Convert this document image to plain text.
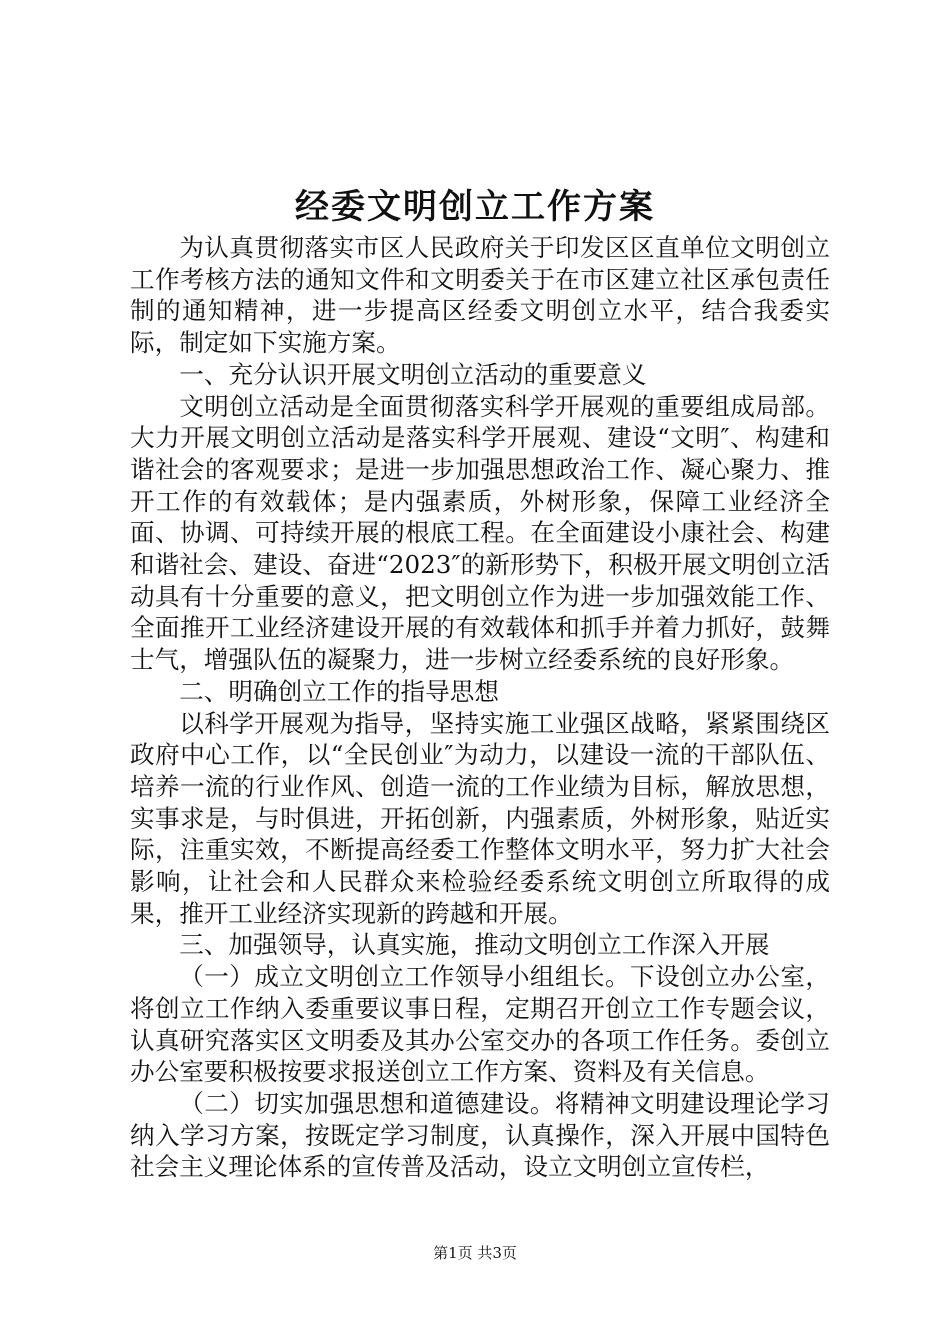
经委文明创立工作方案

为认真贯彻落实市区人民政府关于印发区区直单位文明创立工作考核方法的通知文件和文明委关于在市区建立社区承包责任制的通知精神，进一步提高区经委文明创立水平，结合我委实际，制定如下实施方案。

一、充分认识开展文明创立活动的重要意义

文明创立活动是全面贯彻落实科学开展观的重要组成局部。大力开展文明创立活动是落实科学开展观、建设“文明″、构建和谐社会的客观要求；是进一步加强思想政治工作、凝心聚力、推开工作的有效载体；是内强素质，外树形象，保障工业经济全面、协调、可持续开展的根底工程。在全面建设小康社会、构建和谐社会、建设、奋进“2023″的新形势下，积极开展文明创立活动具有十分重要的意义，把文明创立作为进一步加强效能工作、全面推开工业经济建设开展的有效载体和抓手并着力抓好，鼓舞士气，增强队伍的凝聚力，进一步树立经委系统的良好形象。

二、明确创立工作的指导思想

以科学开展观为指导，坚持实施工业强区战略，紧紧围绕区政府中心工作，以“全民创业″为动力，以建设一流的干部队伍、培养一流的行业作风、创造一流的工作业绩为目标，解放思想，实事求是，与时俱进，开拓创新，内强素质，外树形象，贴近实际，注重实效，不断提高经委工作整体文明水平，努力扩大社会影响，让社会和人民群众来检验经委系统文明创立所取得的成果，推开工业经济实现新的跨越和开展。

三、加强领导，认真实施，推动文明创立工作深入开展

（一）成立文明创立工作领导小组组长。下设创立办公室，将创立工作纳入委重要议事日程，定期召开创立工作专题会议，认真研究落实区文明委及其办公室交办的各项工作任务。委创立办公室要积极按要求报送创立工作方案、资料及有关信息。

（二）切实加强思想和道德建设。将精神文明建设理论学习纳入学习方案，按既定学习制度，认真操作，深入开展中国特色社会主义理论体系的宣传普及活动，设立文明创立宣传栏，

第1页 共3页
